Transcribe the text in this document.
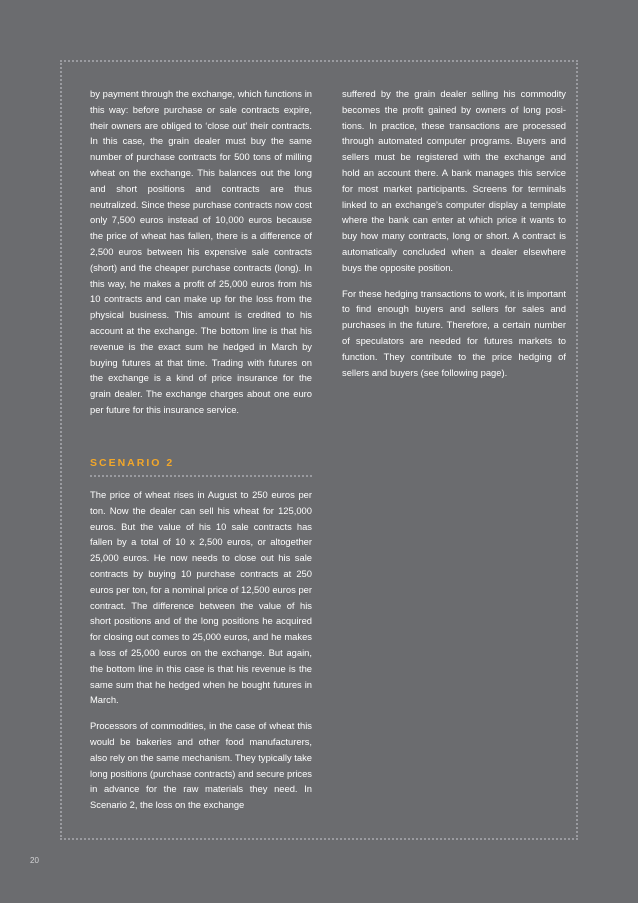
by payment through the exchange, which functions in this way: before purchase or sale contracts expire, their owners are obliged to ‘close out’ their contracts. In this case, the grain dealer must buy the same number of purchase contracts for 500 tons of milling wheat on the exchange. This balances out the long and short positions and contracts are thus neutralized. Since these purchase contracts now cost only 7,500 euros instead of 10,000 euros because the price of wheat has fallen, there is a difference of 2,500 euros between his expensive sale contracts (short) and the cheaper purchase contracts (long). In this way, he makes a profit of 25,000 euros from his 10 contracts and can make up for the loss from the physical business. This amount is credited to his account at the exchange. The bottom line is that his revenue is the exact sum he hedged in March by buying futures at that time. Trading with futures on the exchange is a kind of price insurance for the grain dealer. The exchange charges about one euro per future for this insurance service.

SCENARIO 2

The price of wheat rises in August to 250 euros per ton. Now the dealer can sell his wheat for 125,000 euros. But the value of his 10 sale contracts has fallen by a total of 10 x 2,500 euros, or altogether 25,000 euros. He now needs to close out his sale contracts by buying 10 purchase contracts at 250 euros per ton, for a nominal price of 12,500 euros per contract. The difference between the value of his short positions and of the long positions he acquired for closing out comes to 25,000 euros, and he makes a loss of 25,000 euros on the exchange. But again, the bottom line in this case is that his revenue is the same sum that he hedged when he bought futures in March.

Processors of commodities, in the case of wheat this would be bakeries and other food manufacturers, also rely on the same mechanism. They typically take long positions (purchase contracts) and secure prices in advance for the raw materials they need. In Scenario 2, the loss on the exchange

suffered by the grain dealer selling his commodity becomes the profit gained by owners of long positions. In practice, these transactions are processed through automated computer programs. Buyers and sellers must be registered with the exchange and hold an account there. A bank manages this service for most market participants. Screens for terminals linked to an exchange’s computer display a template where the bank can enter at which price it wants to buy how many contracts, long or short. A contract is automatically concluded when a dealer elsewhere buys the opposite position.

For these hedging transactions to work, it is important to find enough buyers and sellers for sales and purchases in the future. Therefore, a certain number of speculators are needed for futures markets to function. They contribute to the price hedging of sellers and buyers (see following page).

20
